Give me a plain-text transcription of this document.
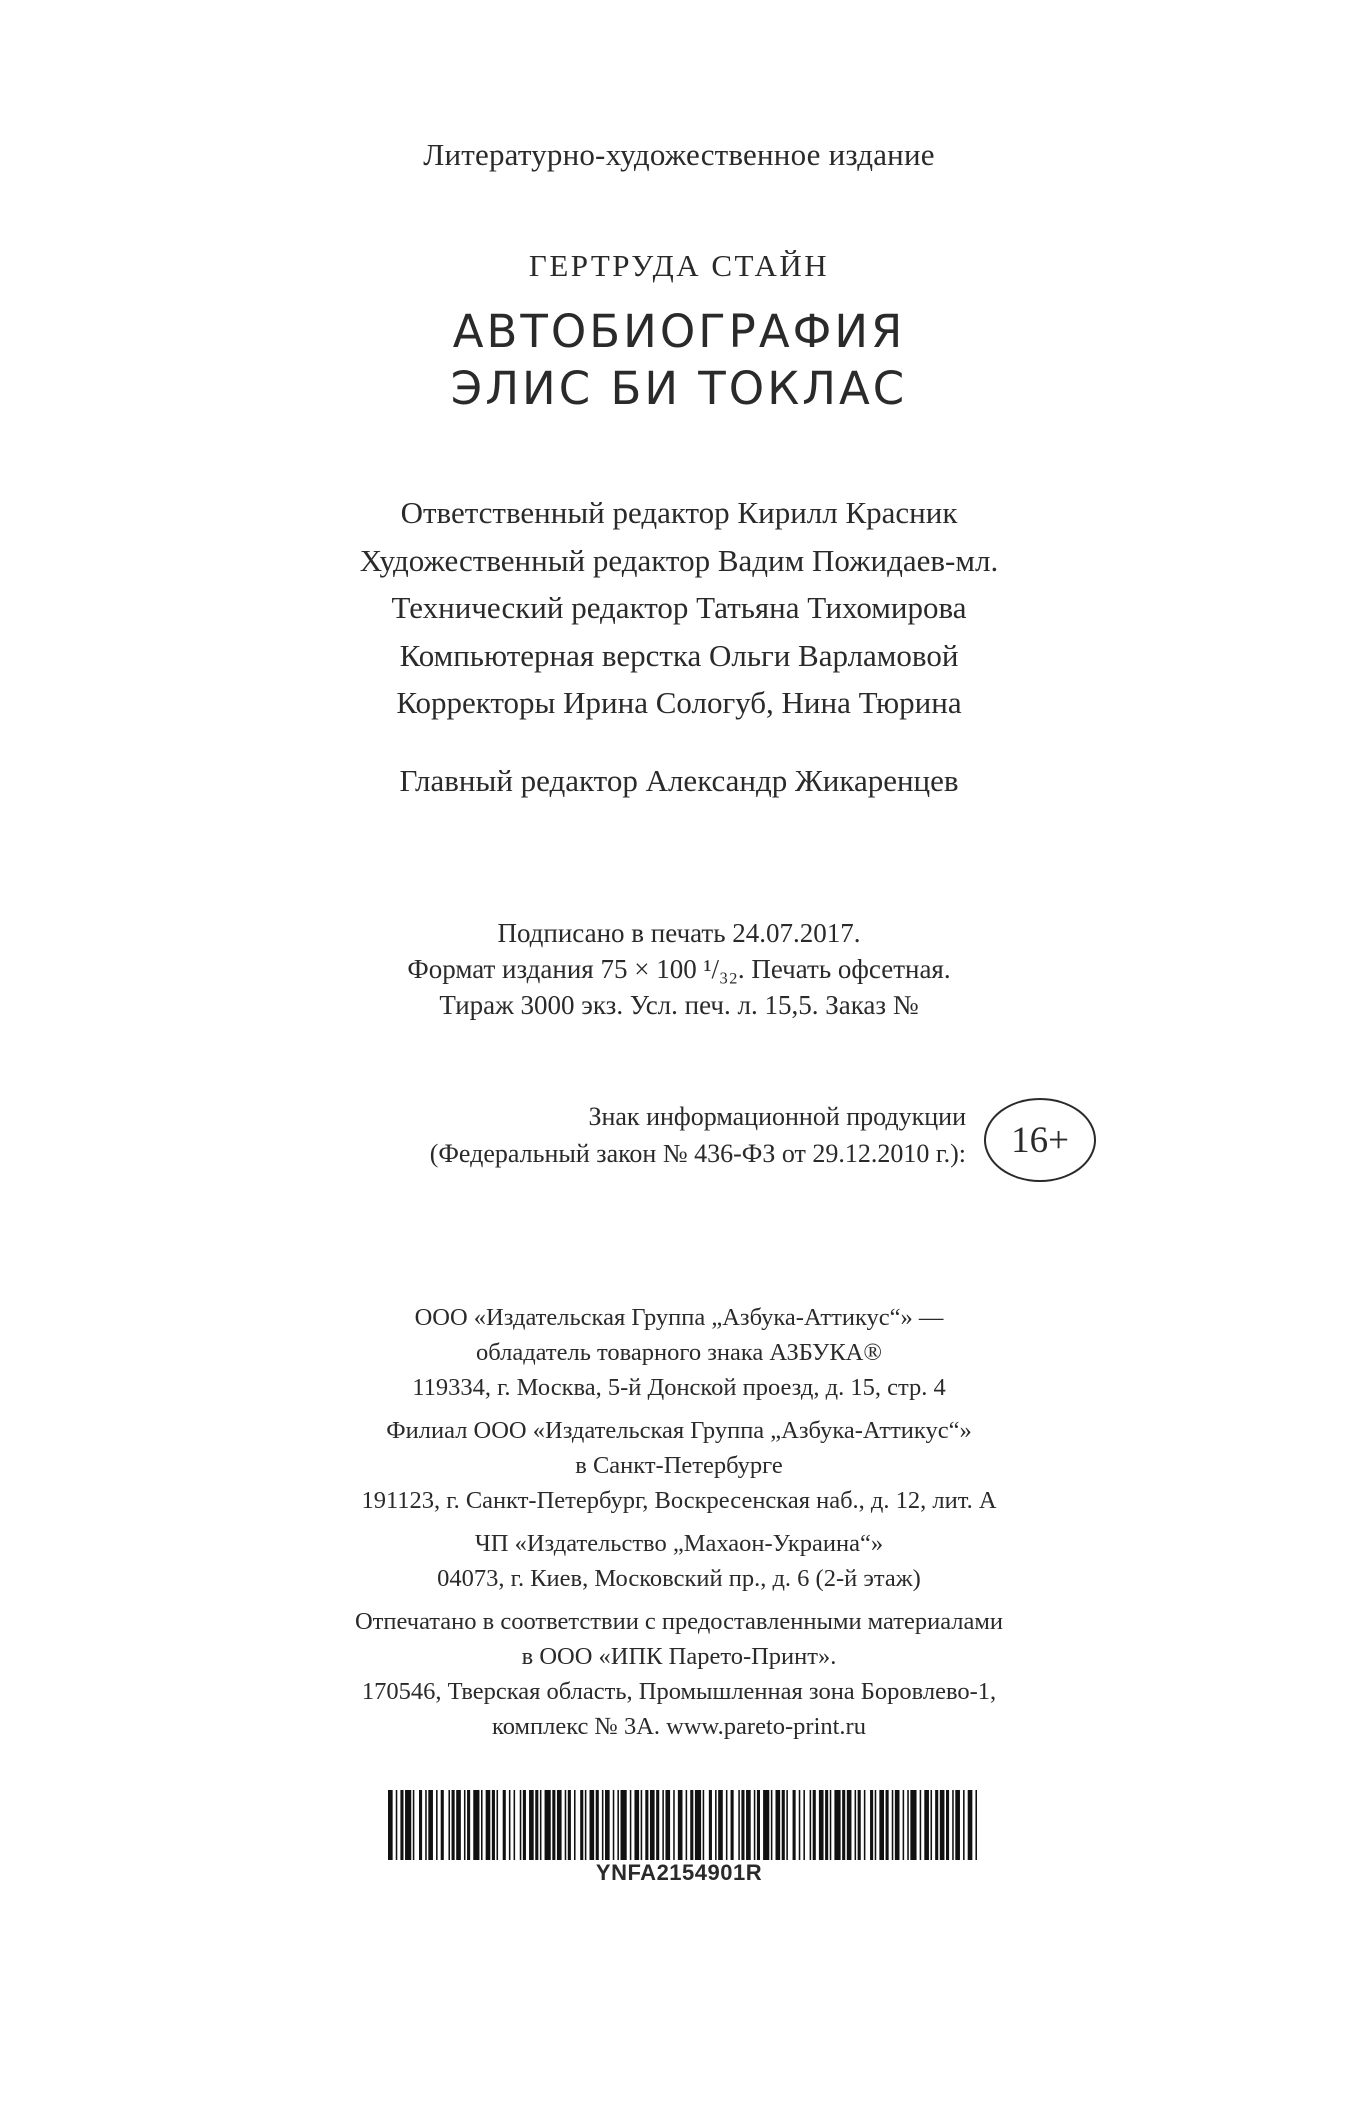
Литературно-художественное издание
ГЕРТРУДА СТАЙН
АВТОБИОГРАФИЯ
ЭЛИС БИ ТОКЛАС
Ответственный редактор Кирилл Красник
Художественный редактор Вадим Пожидаев-мл.
Технический редактор Татьяна Тихомирова
Компьютерная верстка Ольги Варламовой
Корректоры Ирина Сологуб, Нина Тюрина
Главный редактор Александр Жикаренцев
Подписано в печать 24.07.2017.
Формат издания 75 × 100 ¹/₃₂. Печать офсетная.
Тираж 3000 экз. Усл. печ. л. 15,5. Заказ №
Знак информационной продукции
(Федеральный закон № 436-ФЗ от 29.12.2010 г.):	16+
ООО «Издательская Группа „Азбука-Аттикус“» —
обладатель товарного знака АЗБУКА®
119334, г. Москва, 5-й Донской проезд, д. 15, стр. 4
Филиал ООО «Издательская Группа „Азбука-Аттикус“»
в Санкт-Петербурге
191123, г. Санкт-Петербург, Воскресенская наб., д. 12, лит. А
ЧП «Издательство „Махаон-Украина“»
04073, г. Киев, Московский пр., д. 6 (2-й этаж)
Отпечатано в соответствии с предоставленными материалами
в ООО «ИПК Парето-Принт».
170546, Тверская область, Промышленная зона Боровлево-1,
комплекс № 3А. www.pareto-print.ru
YNFA2154901R
